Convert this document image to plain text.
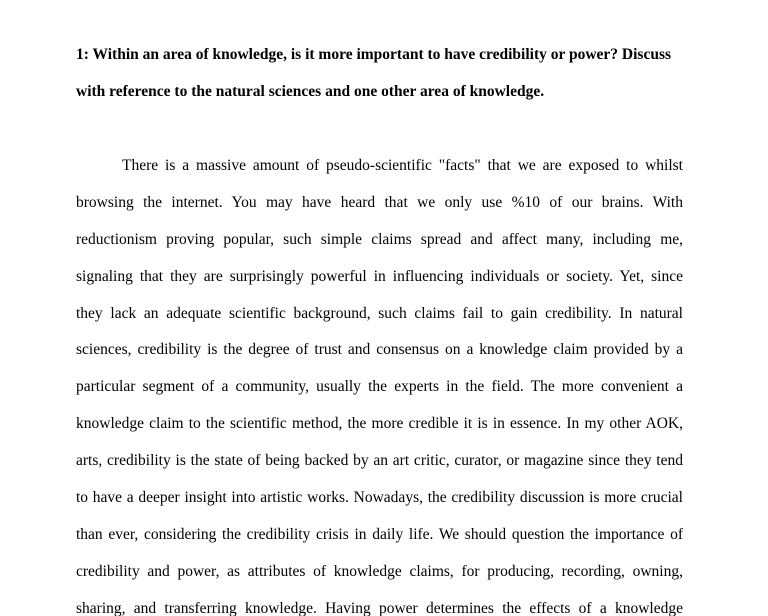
1: Within an area of knowledge, is it more important to have credibility or power? Discuss
with reference to the natural sciences and one other area of knowledge.
There is a massive amount of pseudo-scientific "facts" that we are exposed to whilst
browsing the internet. You may have heard that we only use %10 of our brains. With
reductionism proving popular, such simple claims spread and affect many, including me,
signaling that they are surprisingly powerful in influencing individuals or society. Yet, since
they lack an adequate scientific background, such claims fail to gain credibility. In natural
sciences, credibility is the degree of trust and consensus on a knowledge claim provided by a
particular segment of a community, usually the experts in the field. The more convenient a
knowledge claim to the scientific method, the more credible it is in essence. In my other AOK,
arts, credibility is the state of being backed by an art critic, curator, or magazine since they tend
to have a deeper insight into artistic works. Nowadays, the credibility discussion is more crucial
than ever, considering the credibility crisis in daily life. We should question the importance of
credibility and power, as attributes of knowledge claims, for producing, recording, owning,
sharing, and transferring knowledge. Having power determines the effects of a knowledge
